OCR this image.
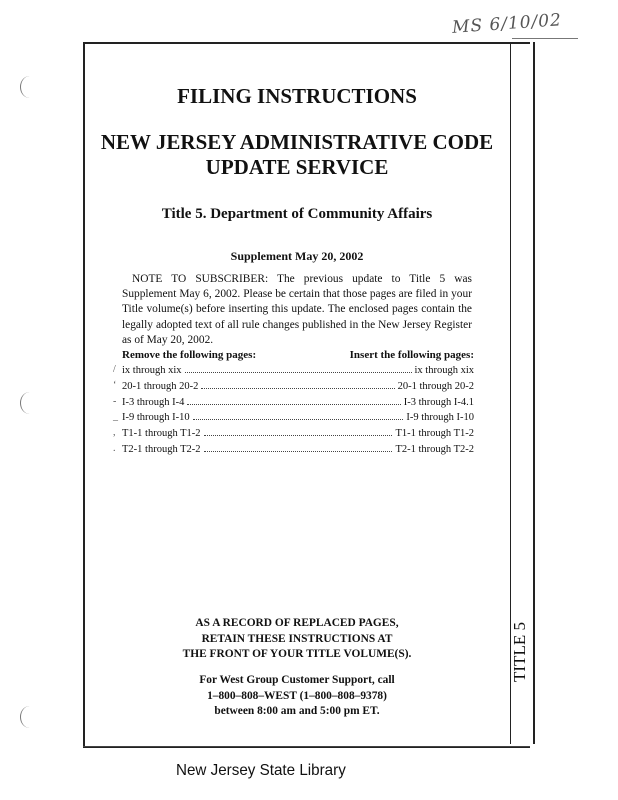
MS 6/10/02
TITLE 5
FILING INSTRUCTIONS
NEW JERSEY ADMINISTRATIVE CODE
UPDATE SERVICE
Title 5. Department of Community Affairs
Supplement May 20, 2002
NOTE TO SUBSCRIBER: The previous update to Title 5 was Supplement May 6, 2002. Please be certain that those pages are filed in your Title volume(s) before inserting this update. The enclosed pages contain the legally adopted text of all rule changes published in the New Jersey Register as of May 20, 2002.
Remove the following pages:	Insert the following pages:
/ ix through xix	ix through xix
‘ 20-1 through 20-2	20-1 through 20-2
- I-3 through I-4	I-3 through I-4.1
_ I-9 through I-10	I-9 through I-10
, T1-1 through T1-2	T1-1 through T1-2
. T2-1 through T2-2	T2-1 through T2-2
AS A RECORD OF REPLACED PAGES,
RETAIN THESE INSTRUCTIONS AT
THE FRONT OF YOUR TITLE VOLUME(S).
For West Group Customer Support, call
1–800–808–WEST (1–800–808–9378)
between 8:00 am and 5:00 pm ET.
New Jersey State Library
